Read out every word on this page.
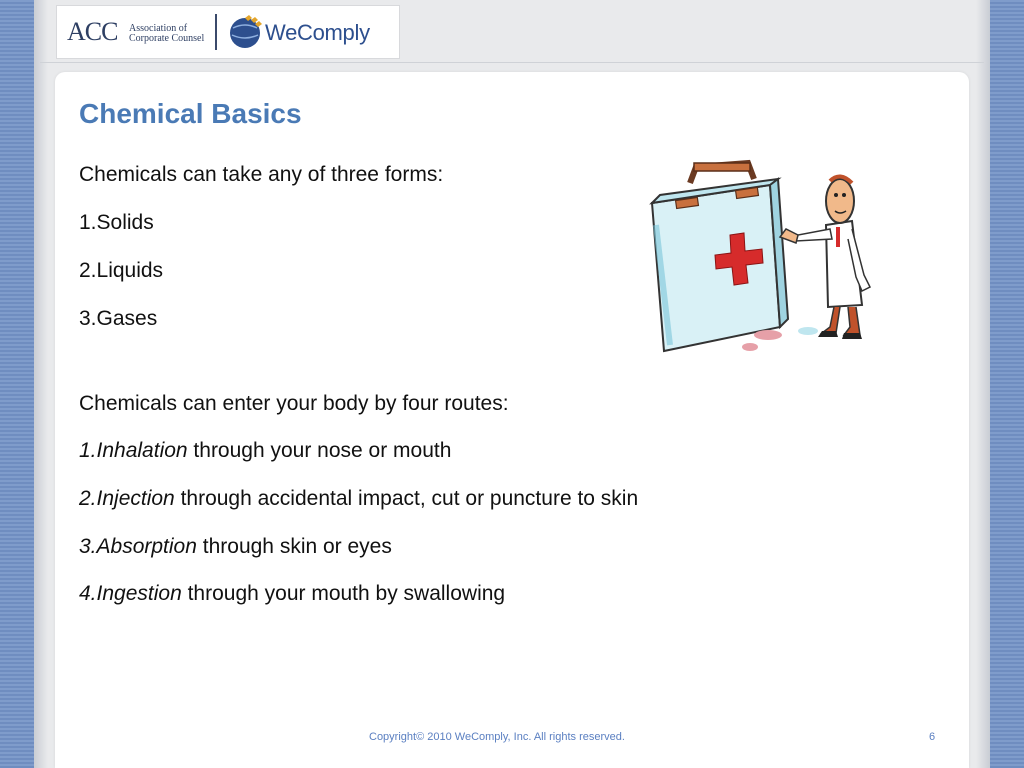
ACC Association of
Corporate Counsel	WeComply
Chemical Basics
Chemicals can take any of three forms:
1.Solids
2.Liquids
3.Gases
Chemicals can enter your body by four routes:
1.Inhalation through your nose or mouth
2.Injection through accidental impact, cut or puncture to skin
3.Absorption through skin or eyes
4.Ingestion through your mouth by swallowing
Copyright© 2010 WeComply, Inc. All rights reserved.	6
